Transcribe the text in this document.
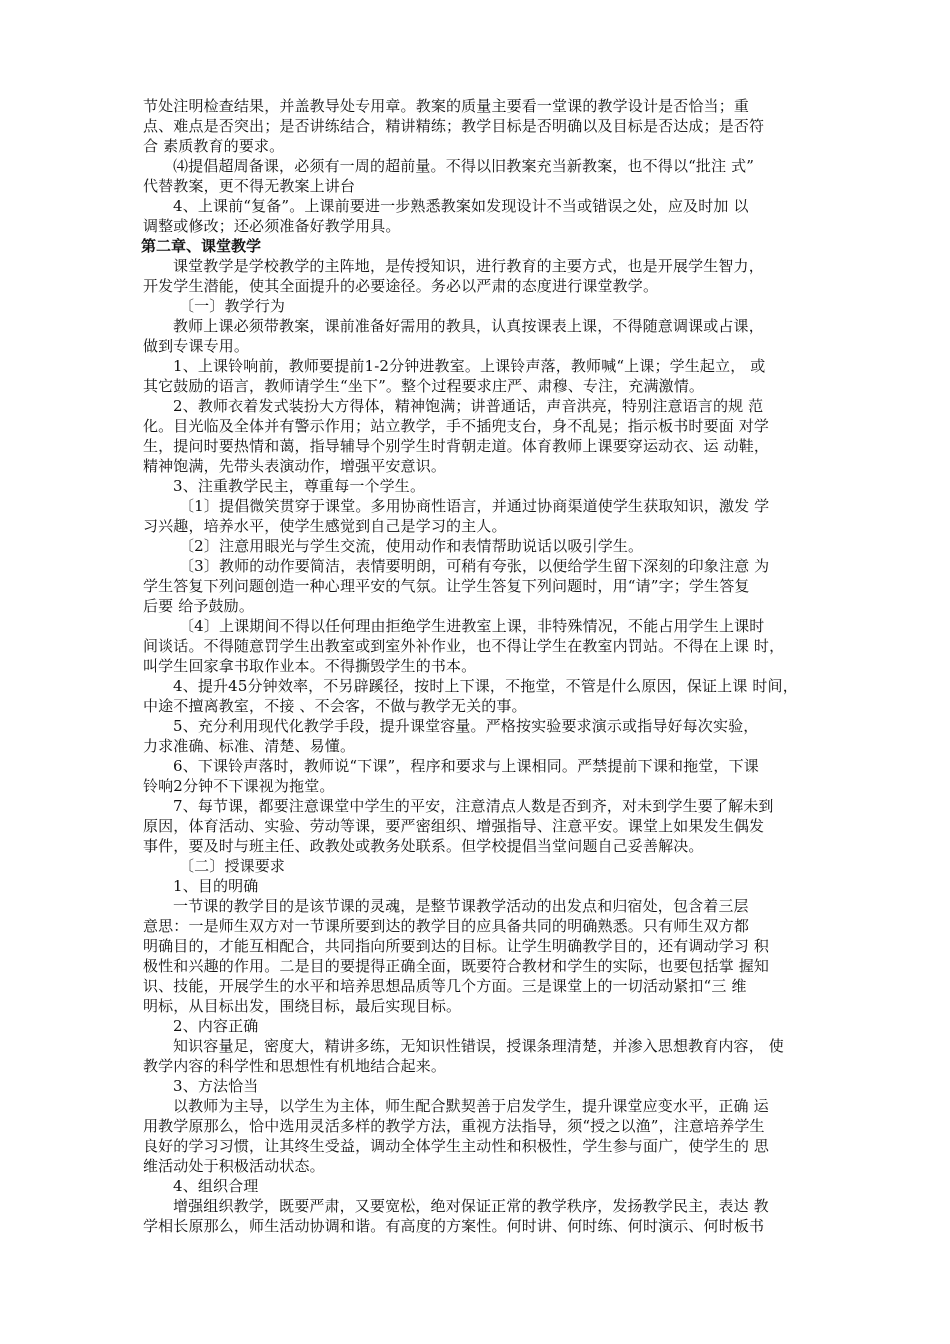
节处注明检查结果，并盖教导处专用章。教案的质量主要看一堂课的教学设计是否恰当；重
点、难点是否突出；是否讲练结合，精讲精练；教学目标是否明确以及目标是否达成；是否符
合 素质教育的要求。
⑷提倡超周备课，必须有一周的超前量。不得以旧教案充当新教案，也不得以“批注 式”
代替教案，更不得无教案上讲台
4、上课前“复备”。上课前要进一步熟悉教案如发现设计不当或错误之处，应及时加 以
调整或修改；还必须准备好教学用具。
第二章、课堂教学
课堂教学是学校教学的主阵地，是传授知识，进行教育的主要方式，也是开展学生智力，
开发学生潜能，使其全面提升的必要途径。务必以严肃的态度进行课堂教学。
〔一〕教学行为
教师上课必须带教案，课前准备好需用的教具，认真按课表上课，不得随意调课或占课，
做到专课专用。
1、上课铃响前，教师要提前1-2分钟进教室。上课铃声落，教师喊“上课；学生起立， 或
其它鼓励的语言，教师请学生“坐下”。整个过程要求庄严、肃穆、专注，充满激情。
2、教师衣着发式装扮大方得体，精神饱满；讲普通话，声音洪亮，特别注意语言的规 范
化。目光临及全体并有警示作用；站立教学，手不插兜支台，身不乱晃；指示板书时要面 对学
生，提问时要热情和蔼，指导辅导个别学生时背朝走道。体育教师上课要穿运动衣、运 动鞋，
精神饱满，先带头表演动作，增强平安意识。
3、注重教学民主，尊重每一个学生。
〔1〕提倡微笑贯穿于课堂。多用协商性语言，并通过协商渠道使学生获取知识，激发 学
习兴趣，培养水平，使学生感觉到自己是学习的主人。
〔2〕注意用眼光与学生交流，使用动作和表情帮助说话以吸引学生。
〔3〕教师的动作要简洁，表情要明朗，可稍有夸张，以便给学生留下深刻的印象注意 为
学生答复下列问题创造一种心理平安的气氛。让学生答复下列问题时，用“请”字；学生答复
后要 给予鼓励。
〔4〕上课期间不得以任何理由拒绝学生进教室上课，非特殊情况，不能占用学生上课时
间谈话。不得随意罚学生出教室或到室外补作业，也不得让学生在教室内罚站。不得在上课 时，
叫学生回家拿书取作业本。不得撕毁学生的书本。
4、提升45分钟效率，不另辟蹊径，按时上下课，不拖堂，不管是什么原因，保证上课 时间，
中途不擅离教室，不接 、不会客，不做与教学无关的事。
5、充分利用现代化教学手段，提升课堂容量。严格按实验要求演示或指导好每次实验，
力求准确、标准、清楚、易懂。
6、下课铃声落时，教师说“下课”，程序和要求与上课相同。严禁提前下课和拖堂，下课
铃响2分钟不下课视为拖堂。
7、每节课，都要注意课堂中学生的平安，注意清点人数是否到齐，对未到学生要了解未到
原因，体育活动、实验、劳动等课，要严密组织、增强指导、注意平安。课堂上如果发生偶发
事件，要及时与班主任、政教处或教务处联系。但学校提倡当堂问题自己妥善解决。
〔二〕授课要求
1、目的明确
一节课的教学目的是该节课的灵魂，是整节课教学活动的出发点和归宿处，包含着三层
意思：一是师生双方对一节课所要到达的教学目的应具备共同的明确熟悉。只有师生双方都
明确目的，才能互相配合，共同指向所要到达的目标。让学生明确教学目的，还有调动学习 积
极性和兴趣的作用。二是目的要提得正确全面，既要符合教材和学生的实际，也要包括掌 握知
识、技能，开展学生的水平和培养思想品质等几个方面。三是课堂上的一切活动紧扣“三 维
明标，从目标出发，围绕目标，最后实现目标。
2、内容正确
知识容量足，密度大，精讲多练，无知识性错误，授课条理清楚，并渗入思想教育内容， 使
教学内容的科学性和思想性有机地结合起来。
3、方法恰当
以教师为主导，以学生为主体，师生配合默契善于启发学生，提升课堂应变水平，正确 运
用教学原那么，恰中选用灵活多样的教学方法，重视方法指导，须“授之以渔”，注意培养学生
良好的学习习惯，让其终生受益，调动全体学生主动性和积极性，学生参与面广，使学生的 思
维活动处于积极活动状态。
4、组织合理
增强组织教学，既要严肃，又要宽松，绝对保证正常的教学秩序，发扬教学民主，表达 教
学相长原那么，师生活动协调和谐。有高度的方案性。何时讲、何时练、何时演示、何时板书
